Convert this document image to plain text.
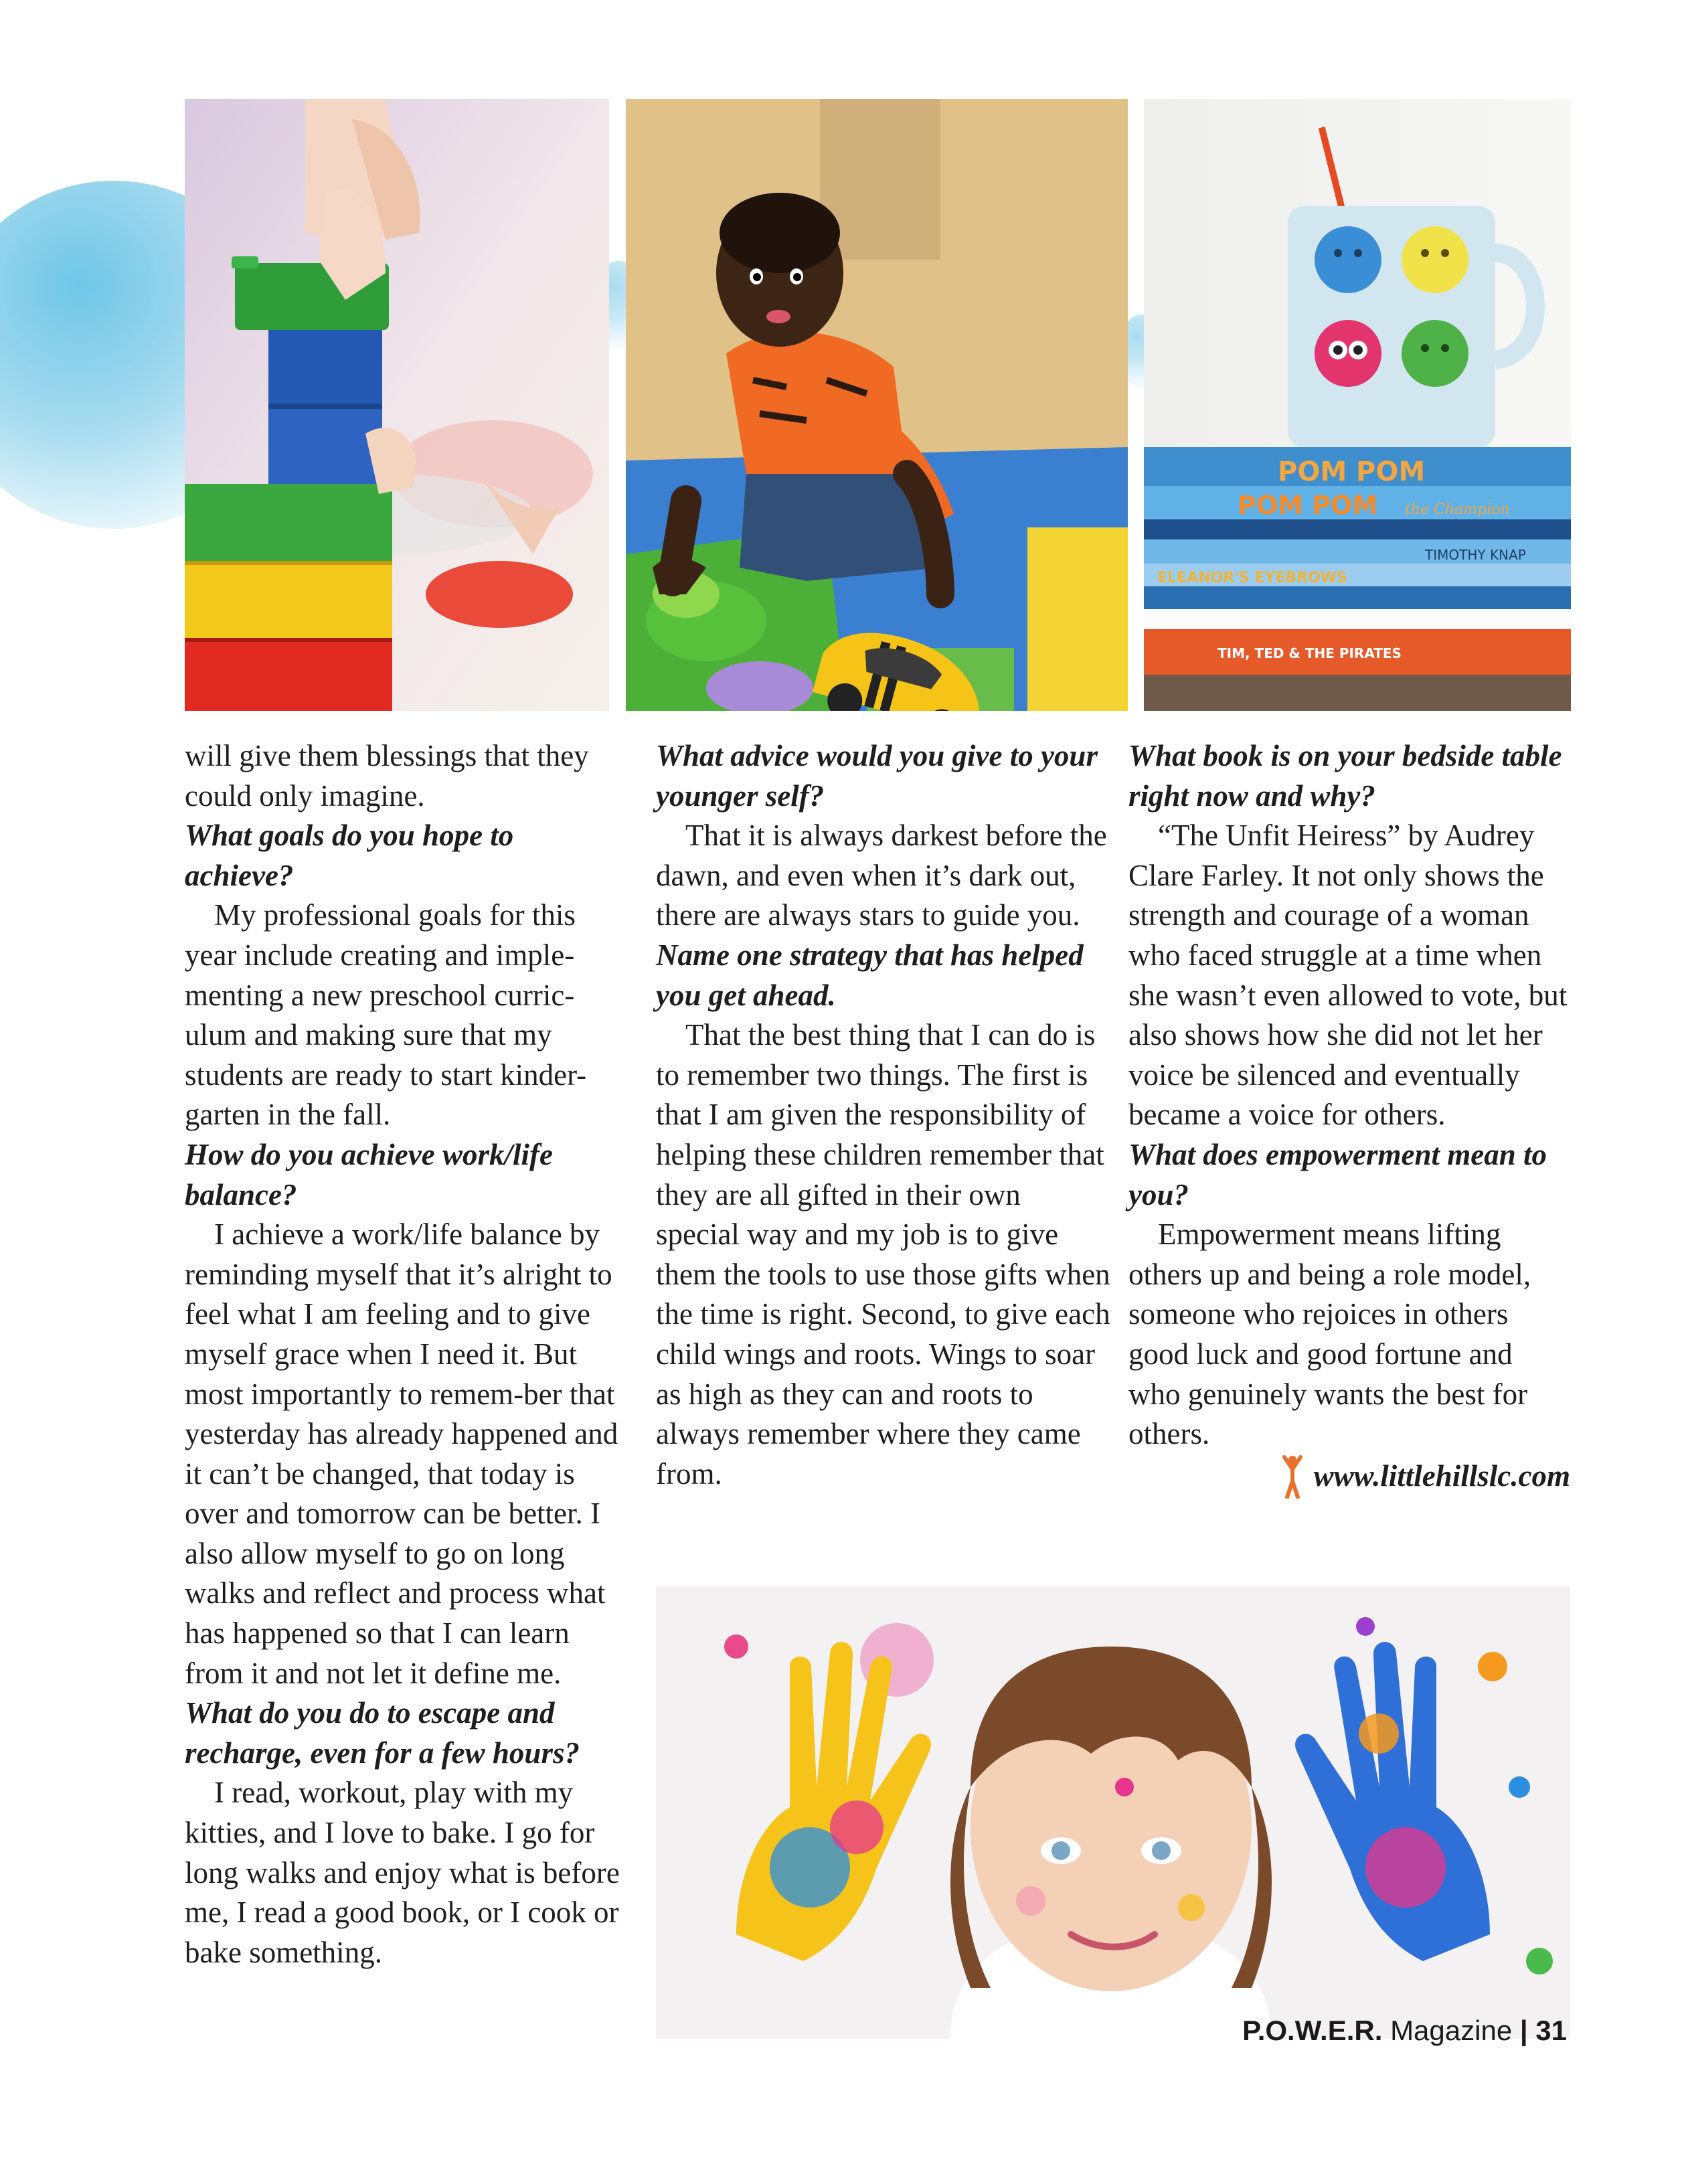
POM POM
POM POM the Champion
TIMOTHY KNAP
ELEANOR'S EYEBROWS
TIM, TED & THE PIRATES

will give them blessings that they could only imagine.

What goals do you hope to achieve?

My professional goals for this year include creating and imple-menting a new preschool curric-ulum and making sure that my students are ready to start kinder-garten in the fall.

How do you achieve work/life balance?

I achieve a work/life balance by reminding myself that it’s alright to feel what I am feeling and to give myself grace when I need it. But most importantly to remem-ber that yesterday has already happened and it can’t be changed, that today is over and tomorrow can be better. I also allow myself to go on long walks and reflect and process what has happened so that I can learn from it and not let it define me.

What do you do to escape and recharge, even for a few hours?

I read, workout, play with my kitties, and I love to bake. I go for long walks and enjoy what is before me, I read a good book, or I cook or bake something.

What advice would you give to your younger self?

That it is always darkest before the dawn, and even when it’s dark out, there are always stars to guide you.

Name one strategy that has helped you get ahead.

That the best thing that I can do is to remember two things. The first is that I am given the responsibility of helping these children remember that they are all gifted in their own special way and my job is to give them the tools to use those gifts when the time is right. Second, to give each child wings and roots. Wings to soar as high as they can and roots to always remember where they came from.

What book is on your bedside table right now and why?

“The Unfit Heiress” by Audrey Clare Farley. It not only shows the strength and courage of a woman who faced struggle at a time when she wasn’t even allowed to vote, but also shows how she did not let her voice be silenced and eventually became a voice for others.

What does empowerment mean to you?

Empowerment means lifting others up and being a role model, someone who rejoices in others good luck and good fortune and who genuinely wants the best for others.

www.littlehillslc.com
P.O.W.E.R. Magazine | 31
